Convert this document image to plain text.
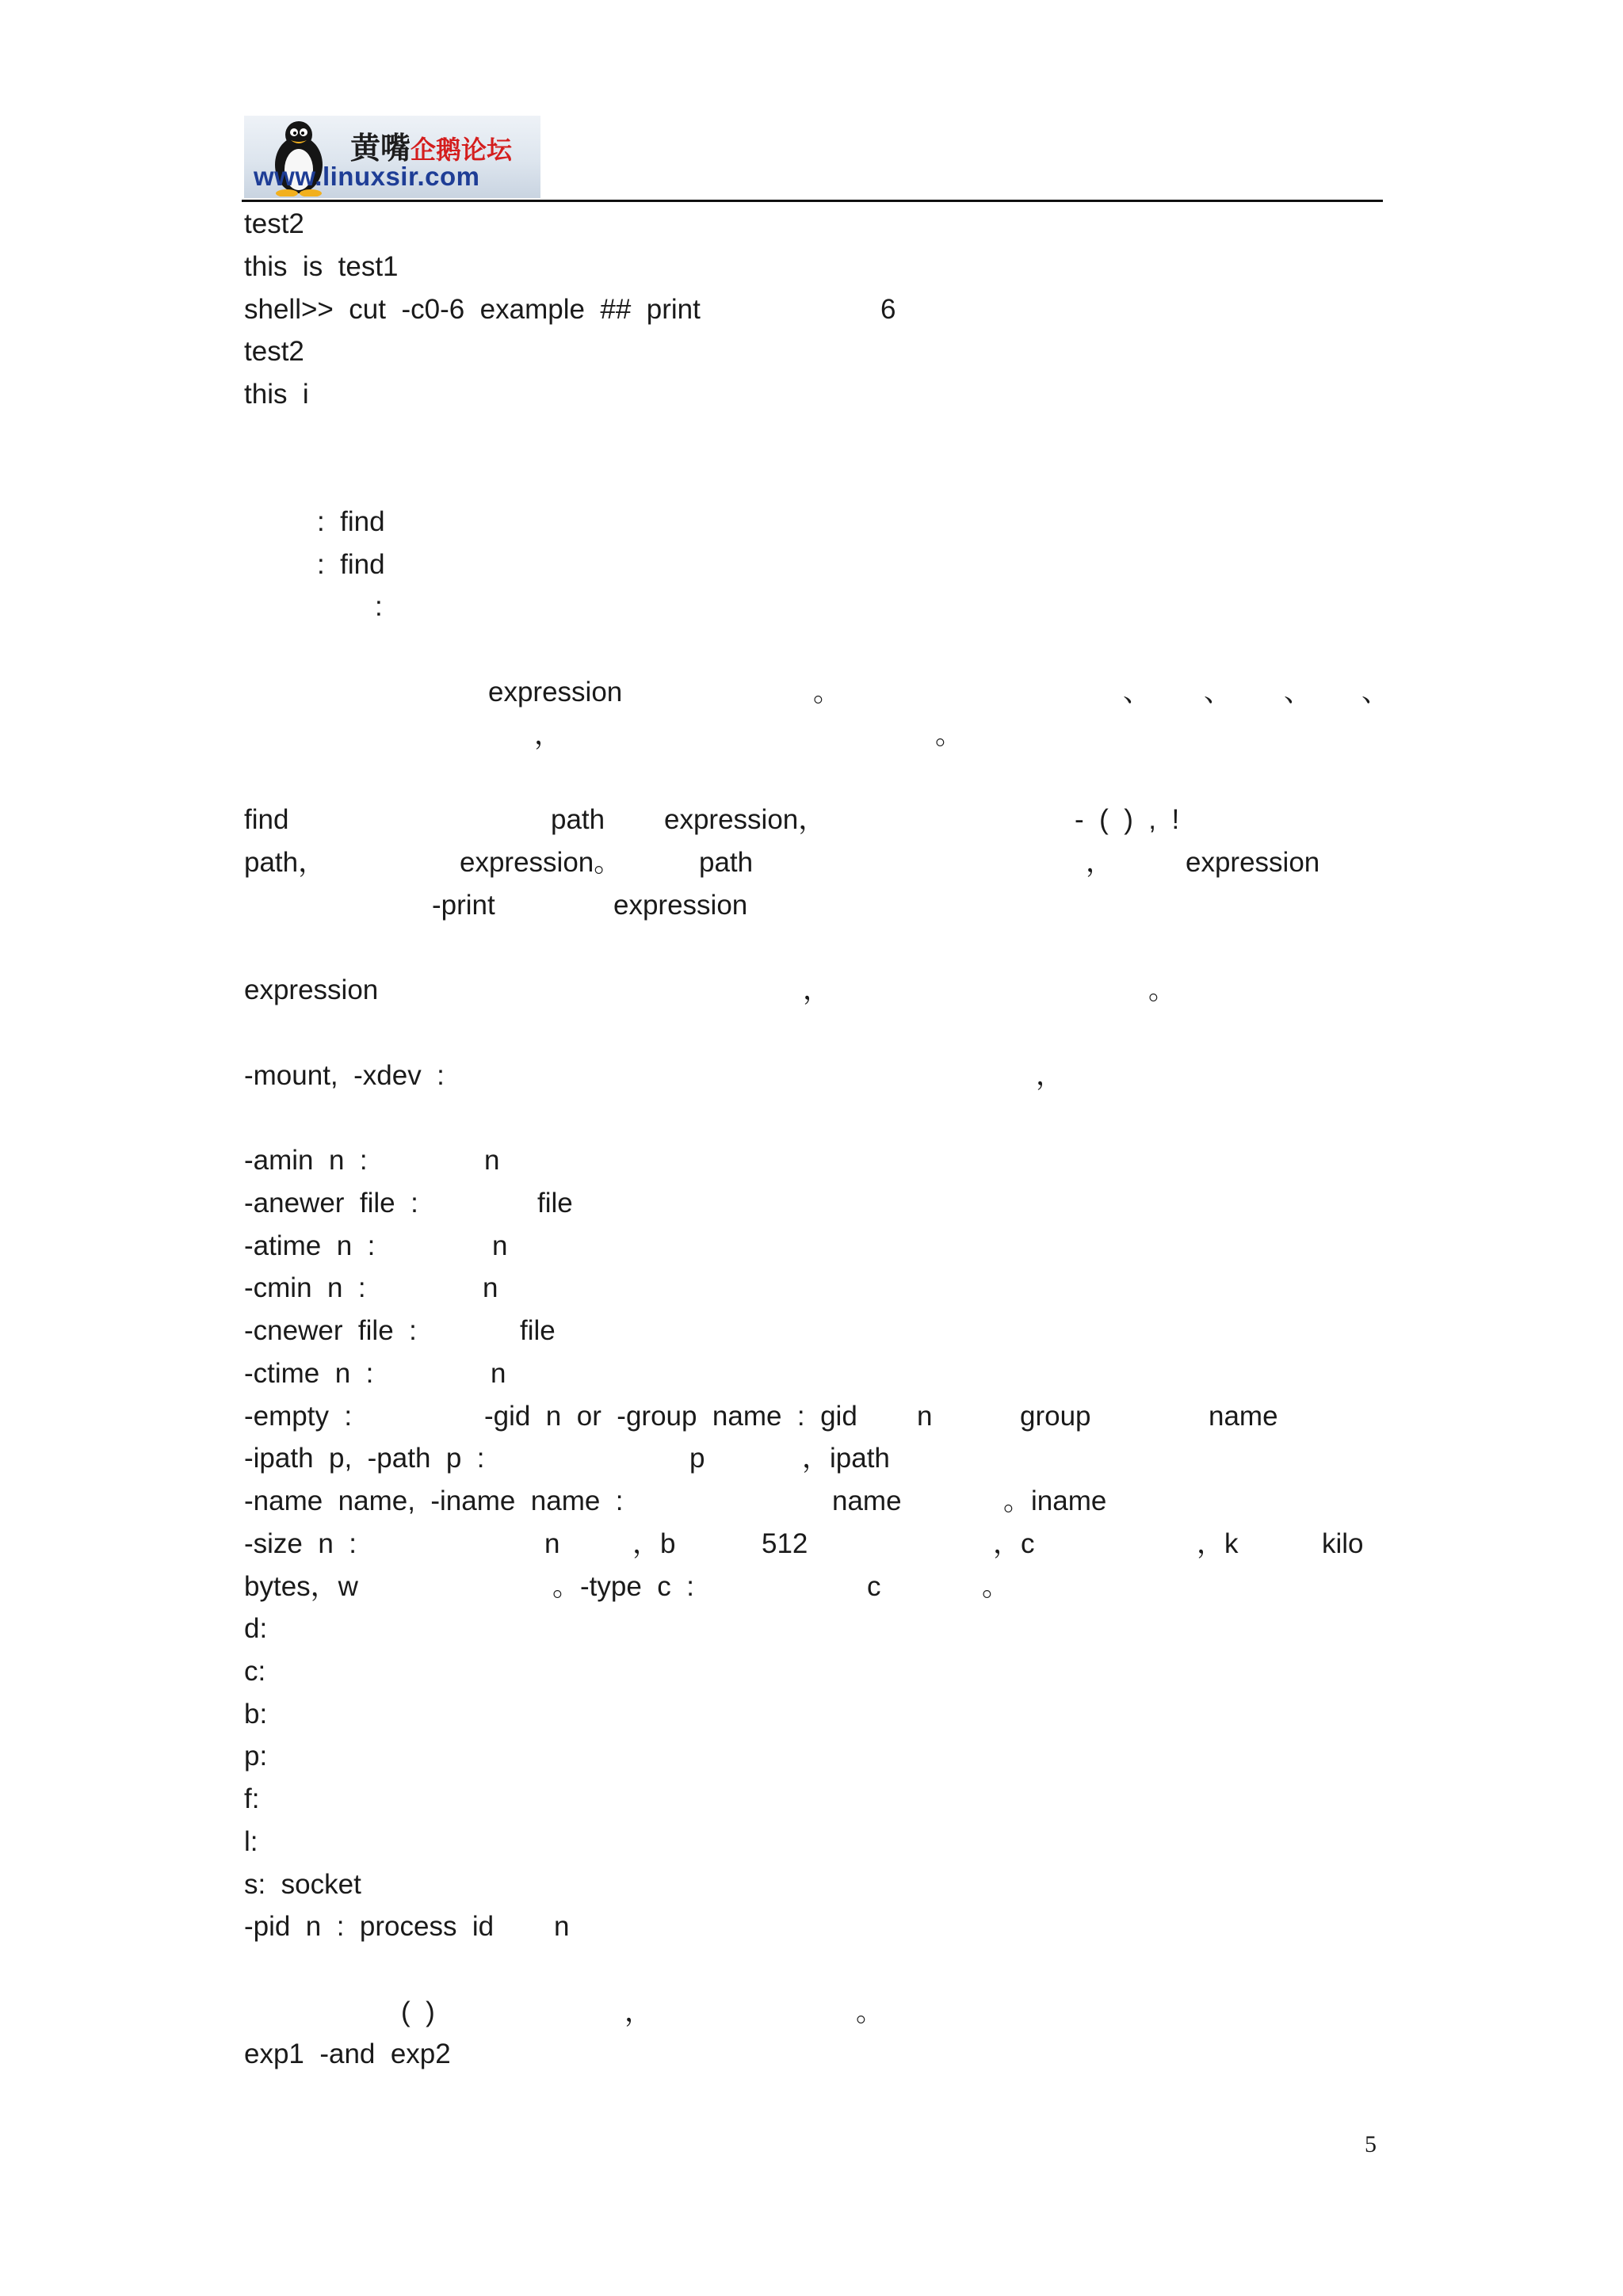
黄嘴企鹅论坛
www.linuxsir.com
test2
this  is  test1
shell>>  cut  -c0-6  example  ##  print	6
test2
this  i
:  find
:  find
:
expression	。	、 、 、 、
，	。
find	path expression，	-  (  )  ,  !
path，	expression。	path	，	expression
-print	expression
expression	，	。
-mount,  -xdev  :	，
-amin  n  :	n
-anewer  file  :	file
-atime  n  :	n
-cmin  n  :	n
-cnewer  file  :	file
-ctime  n  :	n
-empty  :	-gid  n  or  -group  name  :  gid n	group	name
-ipath  p,  -path  p  :	p	，ipath
-name  name,  -iname  name  :	name	。iname
-size  n  :	n	，b	512	，c	，k	kilo
bytes，w	。-type  c  :	c	。
d:
c:
b:
p:
f:
l:
s:  socket
-pid  n  :  process  id n
(  )	，	。
exp1  -and  exp2
5
